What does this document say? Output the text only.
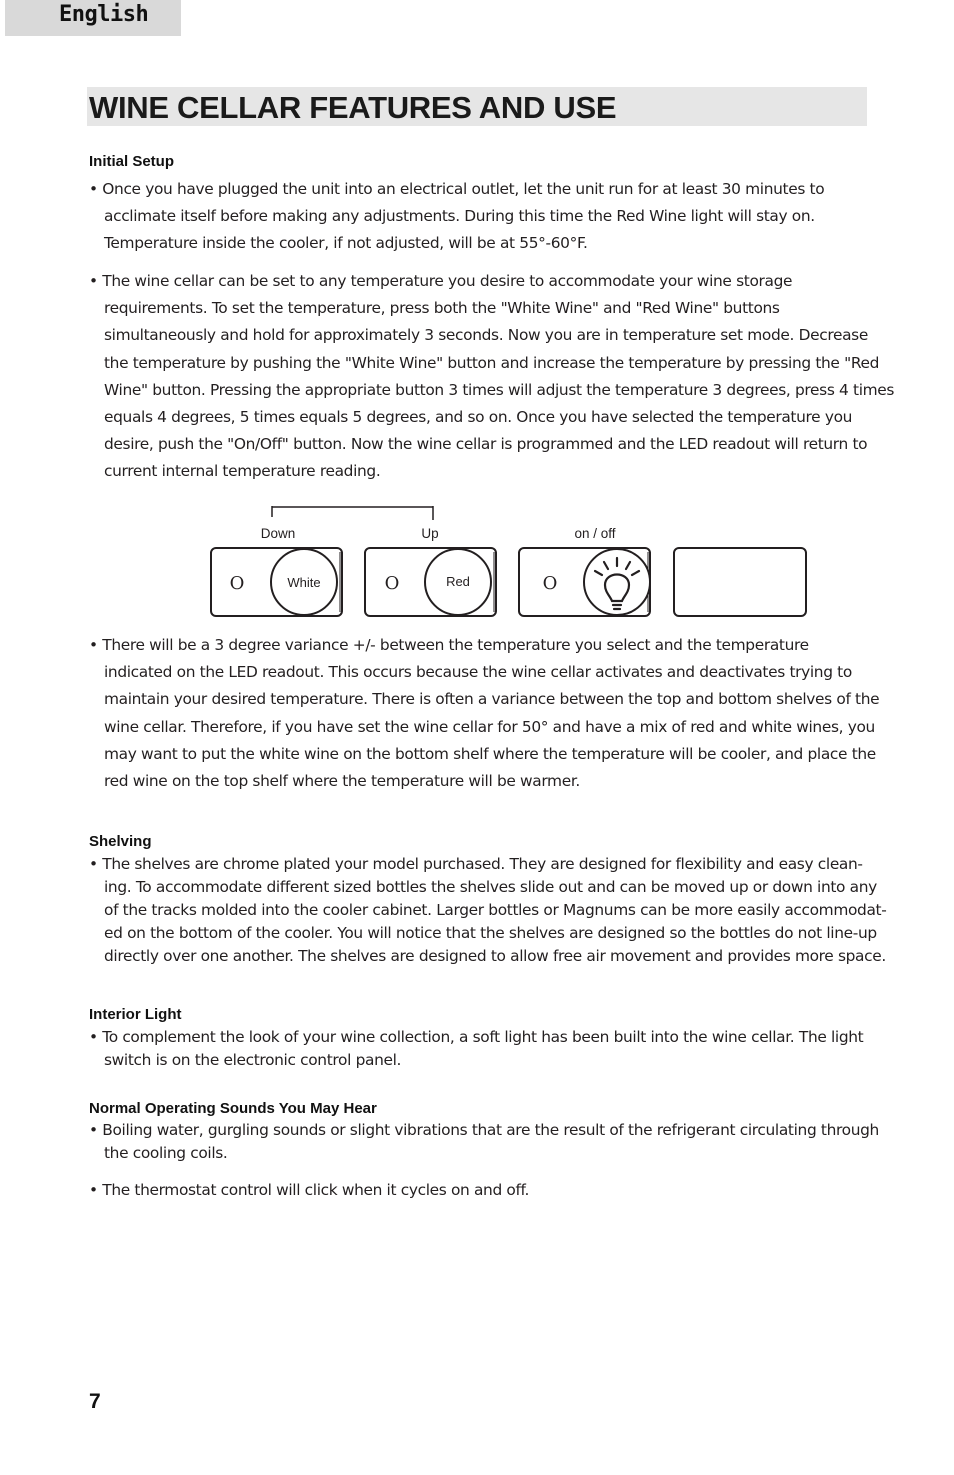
English
WINE CELLAR FEATURES AND USE
Initial Setup
• Once you have plugged the unit into an electrical outlet, let the unit run for at least 30 minutes to
acclimate itself before making any adjustments. During this time the Red Wine light will stay on.
Temperature inside the cooler, if not adjusted, will be at 55°-60°F.
• The wine cellar can be set to any temperature you desire to accommodate your wine storage
requirements. To set the temperature, press both the "White Wine" and "Red Wine" buttons
simultaneously and hold for approximately 3 seconds. Now you are in temperature set mode. Decrease
the temperature by pushing the "White Wine" button and increase the temperature by pressing the "Red
Wine" button. Pressing the appropriate button 3 times will adjust the temperature 3 degrees, press 4 times
equals 4 degrees, 5 times equals 5 degrees, and so on. Once you have selected the temperature you
desire, push the "On/Off" button. Now the wine cellar is programmed and the LED readout will return to
current internal temperature reading.
Down	Up	on / off
O	White	O	Red	O
• There will be a 3 degree variance +/- between the temperature you select and the temperature
indicated on the LED readout. This occurs because the wine cellar activates and deactivates trying to
maintain your desired temperature. There is often a variance between the top and bottom shelves of the
wine cellar. Therefore, if you have set the wine cellar for 50° and have a mix of red and white wines, you
may want to put the white wine on the bottom shelf where the temperature will be cooler, and place the
red wine on the top shelf where the temperature will be warmer.
Shelving
• The shelves are chrome plated your model purchased. They are designed for flexibility and easy clean-
ing. To accommodate different sized bottles the shelves slide out and can be moved up or down into any
of the tracks molded into the cooler cabinet. Larger bottles or Magnums can be more easily accommodat-
ed on the bottom of the cooler. You will notice that the shelves are designed so the bottles do not line-up
directly over one another. The shelves are designed to allow free air movement and provides more space.
Interior Light
• To complement the look of your wine collection, a soft light has been built into the wine cellar. The light
switch is on the electronic control panel.
Normal Operating Sounds You May Hear
• Boiling water, gurgling sounds or slight vibrations that are the result of the refrigerant circulating through
the cooling coils.
• The thermostat control will click when it cycles on and off.
7
